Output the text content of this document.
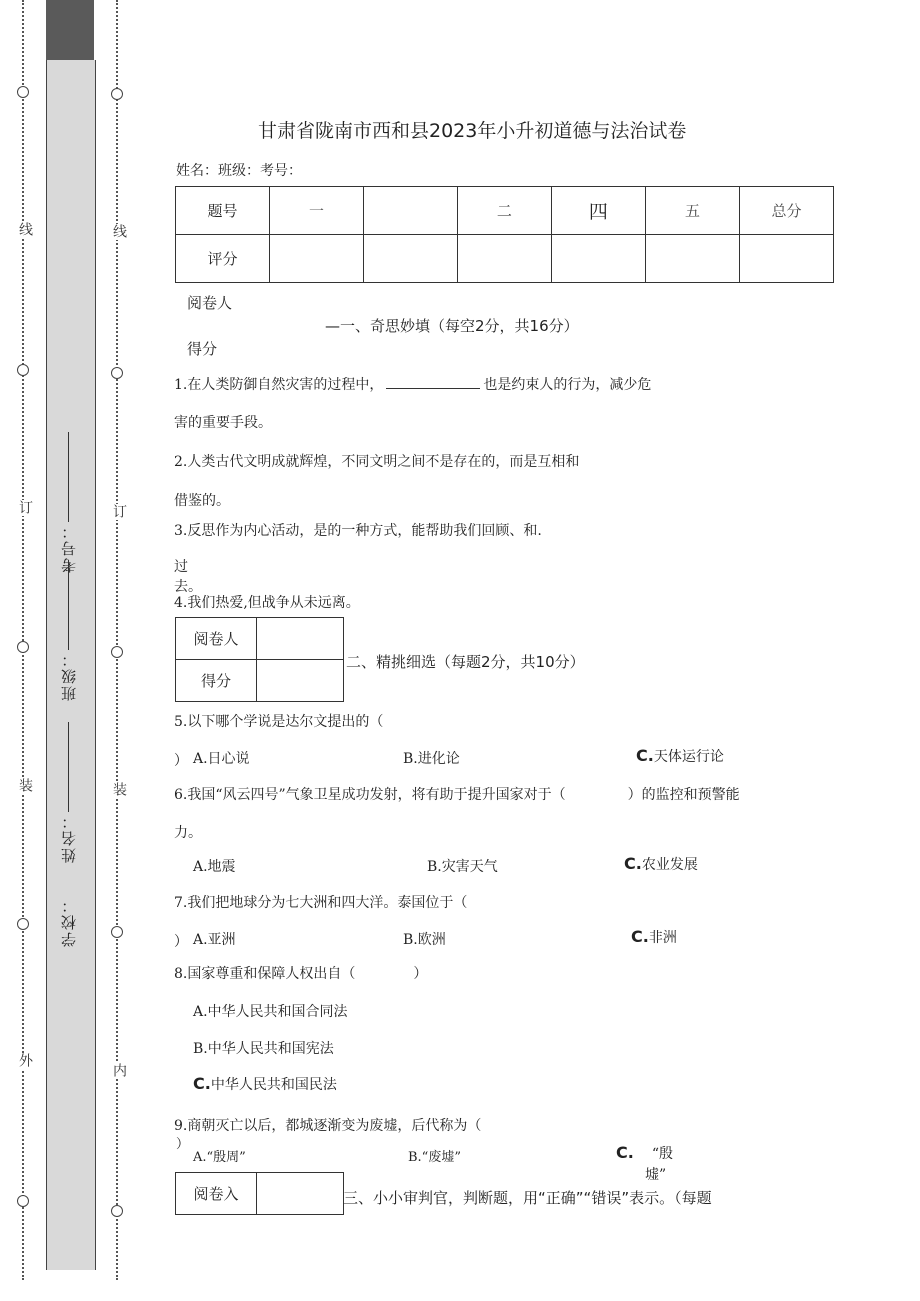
线
订
装
外
考号：
班级：
姓名：
学校：
线
订
装
内
甘肃省陇南市西和县2023年小升初道德与法治试卷
姓名：班级：考号：
题号	一		二	四	五	总分
评分						
阅卷人
—一、奇思妙填（每空2分，共16分）
得分
1.在人类防御自然灾害的过程中，	也是约束人的行为，减少危
害的重要手段。
2.人类古代文明成就辉煌，不同文明之间不是存在的，而是互相和
借鉴的。
3.反思作为内心活动，是的一种方式，能帮助我们回顾、和.
过
去。
4.我们热爱,但战争从未远离。
阅卷人	
得分	
二、精挑细选（每题2分，共10分）
5.以下哪个学说是达尔文提出的（
） A.日心说	B.进化论	C.天体运行论
6.我国“风云四号”气象卫星成功发射，将有助于提升国家对于（	）的监控和预警能
力。
A.地震	B.灾害天气	C.农业发展
7.我们把地球分为七大洲和四大洋。泰国位于（
） A.亚洲	B.欧洲	C.非洲
8.国家尊重和保障人权出自（	）
A.中华人民共和国合同法
B.中华人民共和国宪法
C.中华人民共和国民法
9.商朝灭亡以后，都城逐渐变为废墟，后代称为（
）
A.“殷周”	B.“废墟”	C. “殷
墟”
阅卷入		三、小小审判官，判断题，用“正确”“错误”表示。（每题
